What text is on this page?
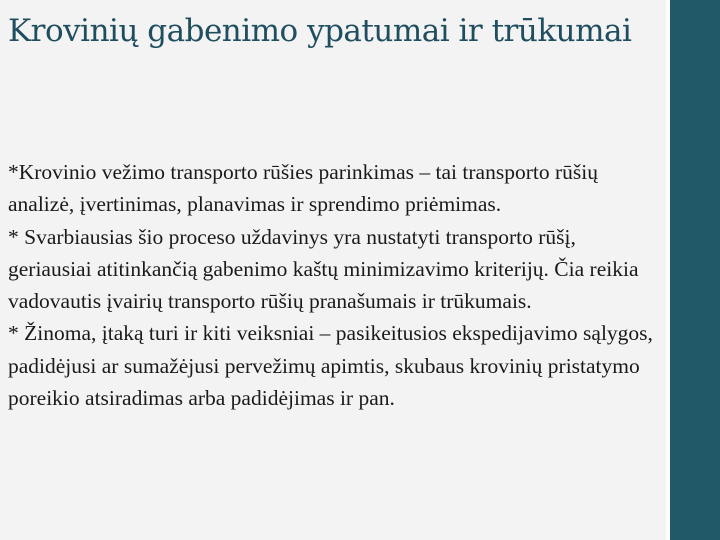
Krovinių gabenimo ypatumai ir trūkumai
*Krovinio vežimo transporto rūšies parinkimas – tai transporto rūšių analizė, įvertinimas, planavimas ir sprendimo priėmimas.
* Svarbiausias šio proceso uždavinys yra nustatyti transporto rūšį, geriausiai atitinkančią gabenimo kaštų minimizavimo kriterijų. Čia reikia vadovautis įvairių transporto rūšių pranašumais ir trūkumais.
* Žinoma, įtaką turi ir kiti veiksniai – pasikeitusios ekspedijavimo sąlygos, padidėjusi ar sumažėjusi pervežimų apimtis, skubaus krovinių pristatymo poreikio atsiradimas arba padidėjimas ir pan.
